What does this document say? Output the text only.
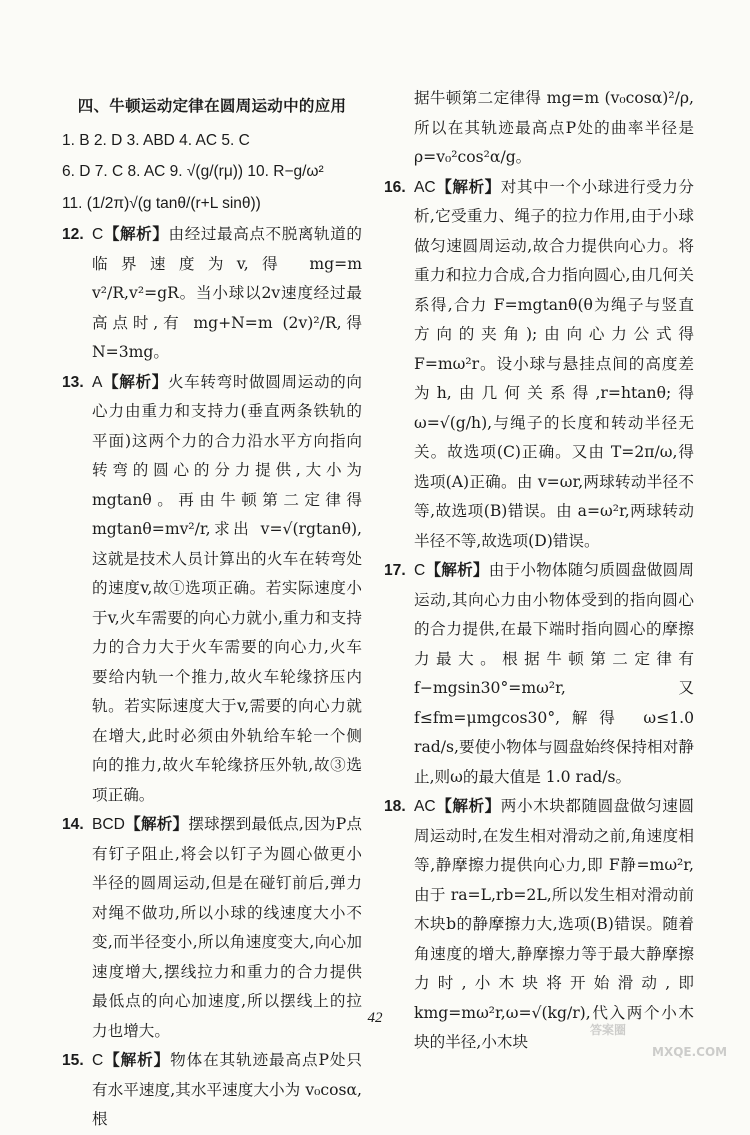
四、牛顿运动定律在圆周运动中的应用

1. B 2. D 3. ABD 4. AC 5. C

6. D 7. C 8. AC 9. √(g/(rμ)) 10. R−g/ω²

11. (1/2π)√(g tanθ/(r+L sinθ))

12. C【解析】由经过最高点不脱离轨道的临界速度为v,得 mg=m v²/R,v²=gR。当小球以2v速度经过最高点时,有 mg+N=m (2v)²/R,得 N=3mg。
13. A【解析】火车转弯时做圆周运动的向心力由重力和支持力(垂直两条铁轨的平面)这两个力的合力沿水平方向指向转弯的圆心的分力提供,大小为mgtanθ。再由牛顿第二定律得 mgtanθ=mv²/r,求出 v=√(rgtanθ),这就是技术人员计算出的火车在转弯处的速度v,故①选项正确。若实际速度小于v,火车需要的向心力就小,重力和支持力的合力大于火车需要的向心力,火车要给内轨一个推力,故火车轮缘挤压内轨。若实际速度大于v,需要的向心力就在增大,此时必须由外轨给车轮一个侧向的推力,故火车轮缘挤压外轨,故③选项正确。
14. BCD【解析】摆球摆到最低点,因为P点有钉子阻止,将会以钉子为圆心做更小半径的圆周运动,但是在碰钉前后,弹力对绳不做功,所以小球的线速度大小不变,而半径变小,所以角速度变大,向心加速度增大,摆线拉力和重力的合力提供最低点的向心加速度,所以摆线上的拉力也增大。
15. C【解析】物体在其轨迹最高点P处只有水平速度,其水平速度大小为 v₀cosα,根

据牛顿第二定律得 mg=m (v₀cosα)²/ρ,所以在其轨迹最高点P处的曲率半径是 ρ=v₀²cos²α/g。

16. AC【解析】对其中一个小球进行受力分析,它受重力、绳子的拉力作用,由于小球做匀速圆周运动,故合力提供向心力。将重力和拉力合成,合力指向圆心,由几何关系得,合力 F=mgtanθ(θ为绳子与竖直方向的夹角);由向心力公式得 F=mω²r。设小球与悬挂点间的高度差为h,由几何关系得,r=htanθ;得 ω=√(g/h),与绳子的长度和转动半径无关。故选项(C)正确。又由 T=2π/ω,得选项(A)正确。由 v=ωr,两球转动半径不等,故选项(B)错误。由 a=ω²r,两球转动半径不等,故选项(D)错误。
17. C【解析】由于小物体随匀质圆盘做圆周运动,其向心力由小物体受到的指向圆心的合力提供,在最下端时指向圆心的摩擦力最大。根据牛顿第二定律有 f−mgsin30°=mω²r,又 f≤fm=μmgcos30°,解得 ω≤1.0 rad/s,要使小物体与圆盘始终保持相对静止,则ω的最大值是 1.0 rad/s。
18. AC【解析】两小木块都随圆盘做匀速圆周运动时,在发生相对滑动之前,角速度相等,静摩擦力提供向心力,即 F静=mω²r,由于 ra=L,rb=2L,所以发生相对滑动前木块b的静摩擦力大,选项(B)错误。随着角速度的增大,静摩擦力等于最大静摩擦力时,小木块将开始滑动,即 kmg=mω²r,ω=√(kg/r),代入两个小木块的半径,小木块
42
答案圈
MXQE.COM
